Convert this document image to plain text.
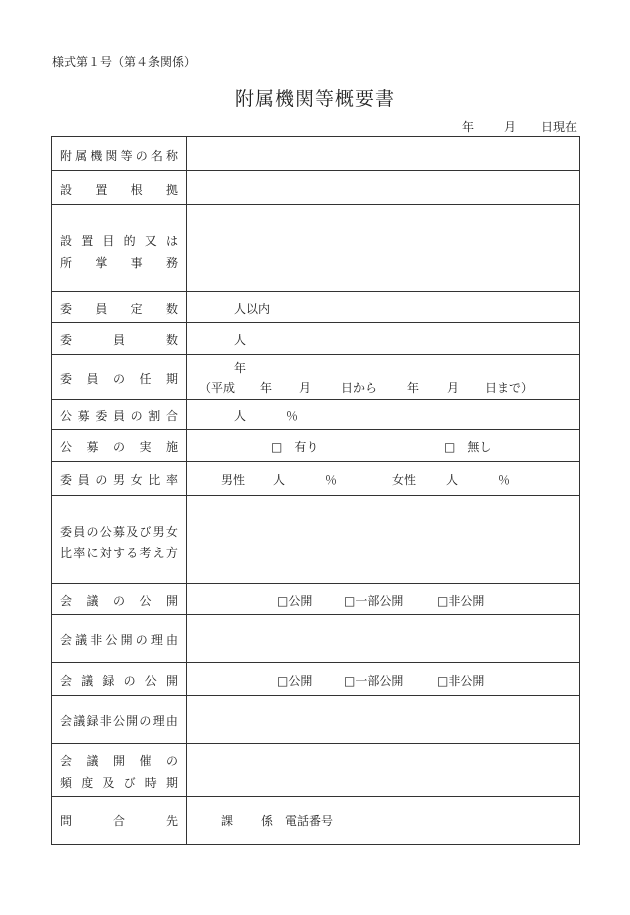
様式第１号（第４条関係）
附属機関等概要書
年 月 日現在
附 属 機 関 等 の 名 称
設 置 根 拠
設 置 目 的 又 は
所 掌 事 務
委 員 定 数	人以内
委	員	数	人
委 員 の 任 期
年
（平成 年 月 日から 年 月 日まで）
公 募 委 員 の 割 合	人	％
公 募 の 実 施	□　有り	□　無し
委 員 の 男 女 比 率	男性 人	％	女性 人	％
委 員 の 公 募 及 び 男 女
比 率 に 対 す る 考 え 方
会 議 の 公 開	□公開	□一部公開	□非公開
会 議 非 公 開 の 理 由
会 議 録 の 公 開	□公開	□一部公開	□非公開
会 議 録 非 公 開 の 理 由
会 議 開 催 の
頻 度 及 び 時 期
問	合	先	課 係 電話番号
